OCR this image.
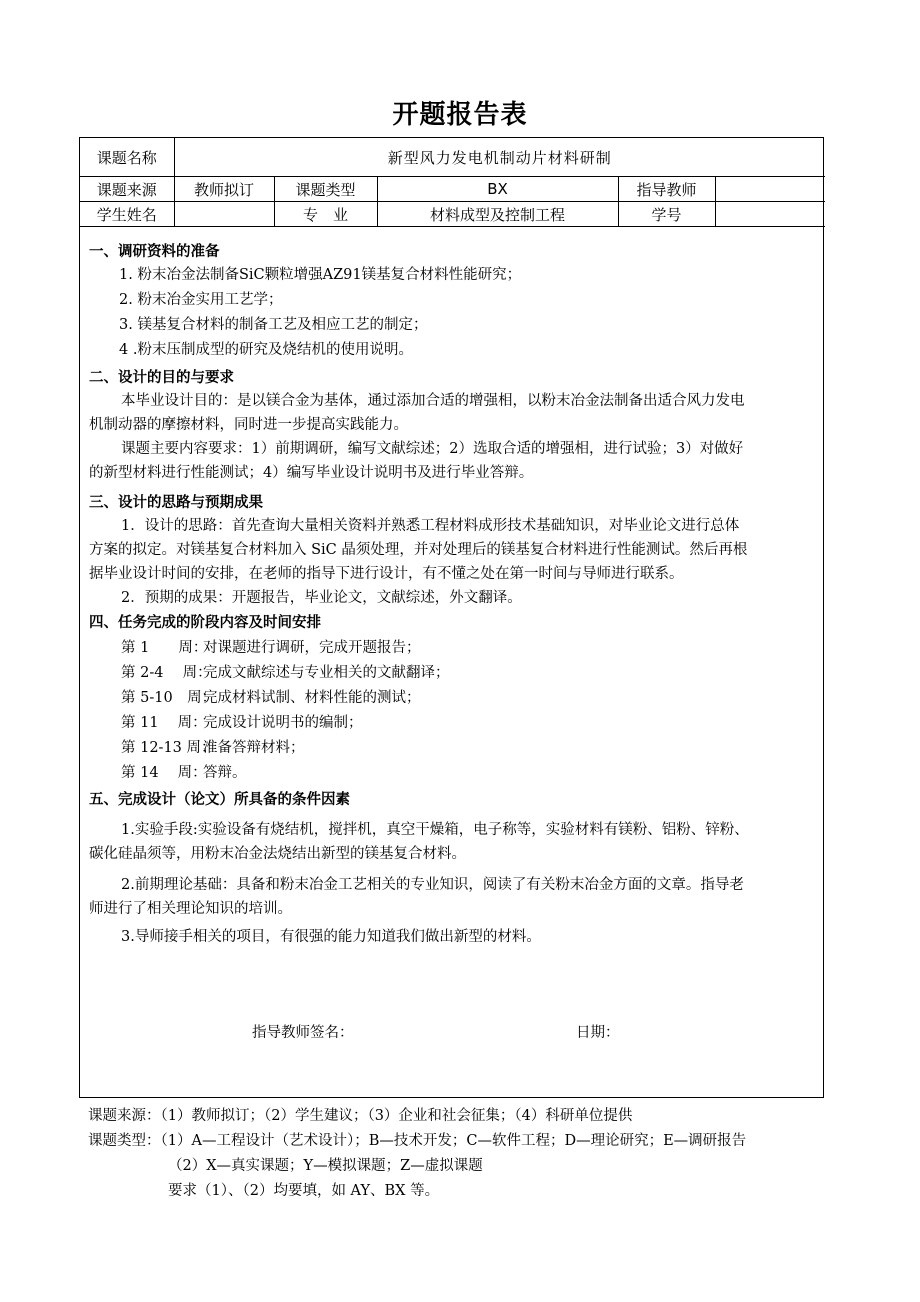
开题报告表
课题名称	新型风力发电机制动片材料研制				
课题来源	教师拟订	课题类型	BX	指导教师	
学生姓名		专　业	材料成型及控制工程	学号	
一、调研资料的准备
1. 粉末冶金法制备SiC颗粒增强AZ91镁基复合材料性能研究；
2. 粉末冶金实用工艺学；
3. 镁基复合材料的制备工艺及相应工艺的制定；
4 .粉末压制成型的研究及烧结机的使用说明。
二、设计的目的与要求
本毕业设计目的：是以镁合金为基体，通过添加合适的增强相，以粉末冶金法制备出适合风力发电
机制动器的摩擦材料，同时进一步提高实践能力。
课题主要内容要求：1）前期调研，编写文献综述；2）选取合适的增强相，进行试验；3）对做好
的新型材料进行性能测试；4）编写毕业设计说明书及进行毕业答辩。
三、设计的思路与预期成果
1．设计的思路：首先查询大量相关资料并熟悉工程材料成形技术基础知识，对毕业论文进行总体
方案的拟定。对镁基复合材料加入 SiC 晶须处理，并对处理后的镁基复合材料进行性能测试。然后再根
据毕业设计时间的安排，在老师的指导下进行设计，有不懂之处在第一时间与导师进行联系。
2．预期的成果：开题报告，毕业论文，文献综述，外文翻译。
四、任务完成的阶段内容及时间安排
第 1　　周：对课题进行调研，完成开题报告；
第 2-4　 周：完成文献综述与专业相关的文献翻译；
第 5-10　周：完成材料试制、材料性能的测试；
第 11　 周：完成设计说明书的编制；
第 12-13 周：准备答辩材料；
第 14　 周：答辩。
五、完成设计（论文）所具备的条件因素
1.实验手段:实验设备有烧结机，搅拌机，真空干燥箱，电子称等，实验材料有镁粉、铝粉、锌粉、
碳化硅晶须等，用粉末冶金法烧结出新型的镁基复合材料。
2.前期理论基础：具备和粉末冶金工艺相关的专业知识，阅读了有关粉末冶金方面的文章。指导老
师进行了相关理论知识的培训。
3.导师接手相关的项目，有很强的能力知道我们做出新型的材料。
指导教师签名：	日期：
课题来源：（1）教师拟订；（2）学生建议；（3）企业和社会征集；（4）科研单位提供
课题类型：（1）A—工程设计（艺术设计）；B—技术开发；C—软件工程；D—理论研究；E—调研报告
（2）X—真实课题；Y—模拟课题；Z—虚拟课题
要求（1）、（2）均要填，如 AY、BX 等。
